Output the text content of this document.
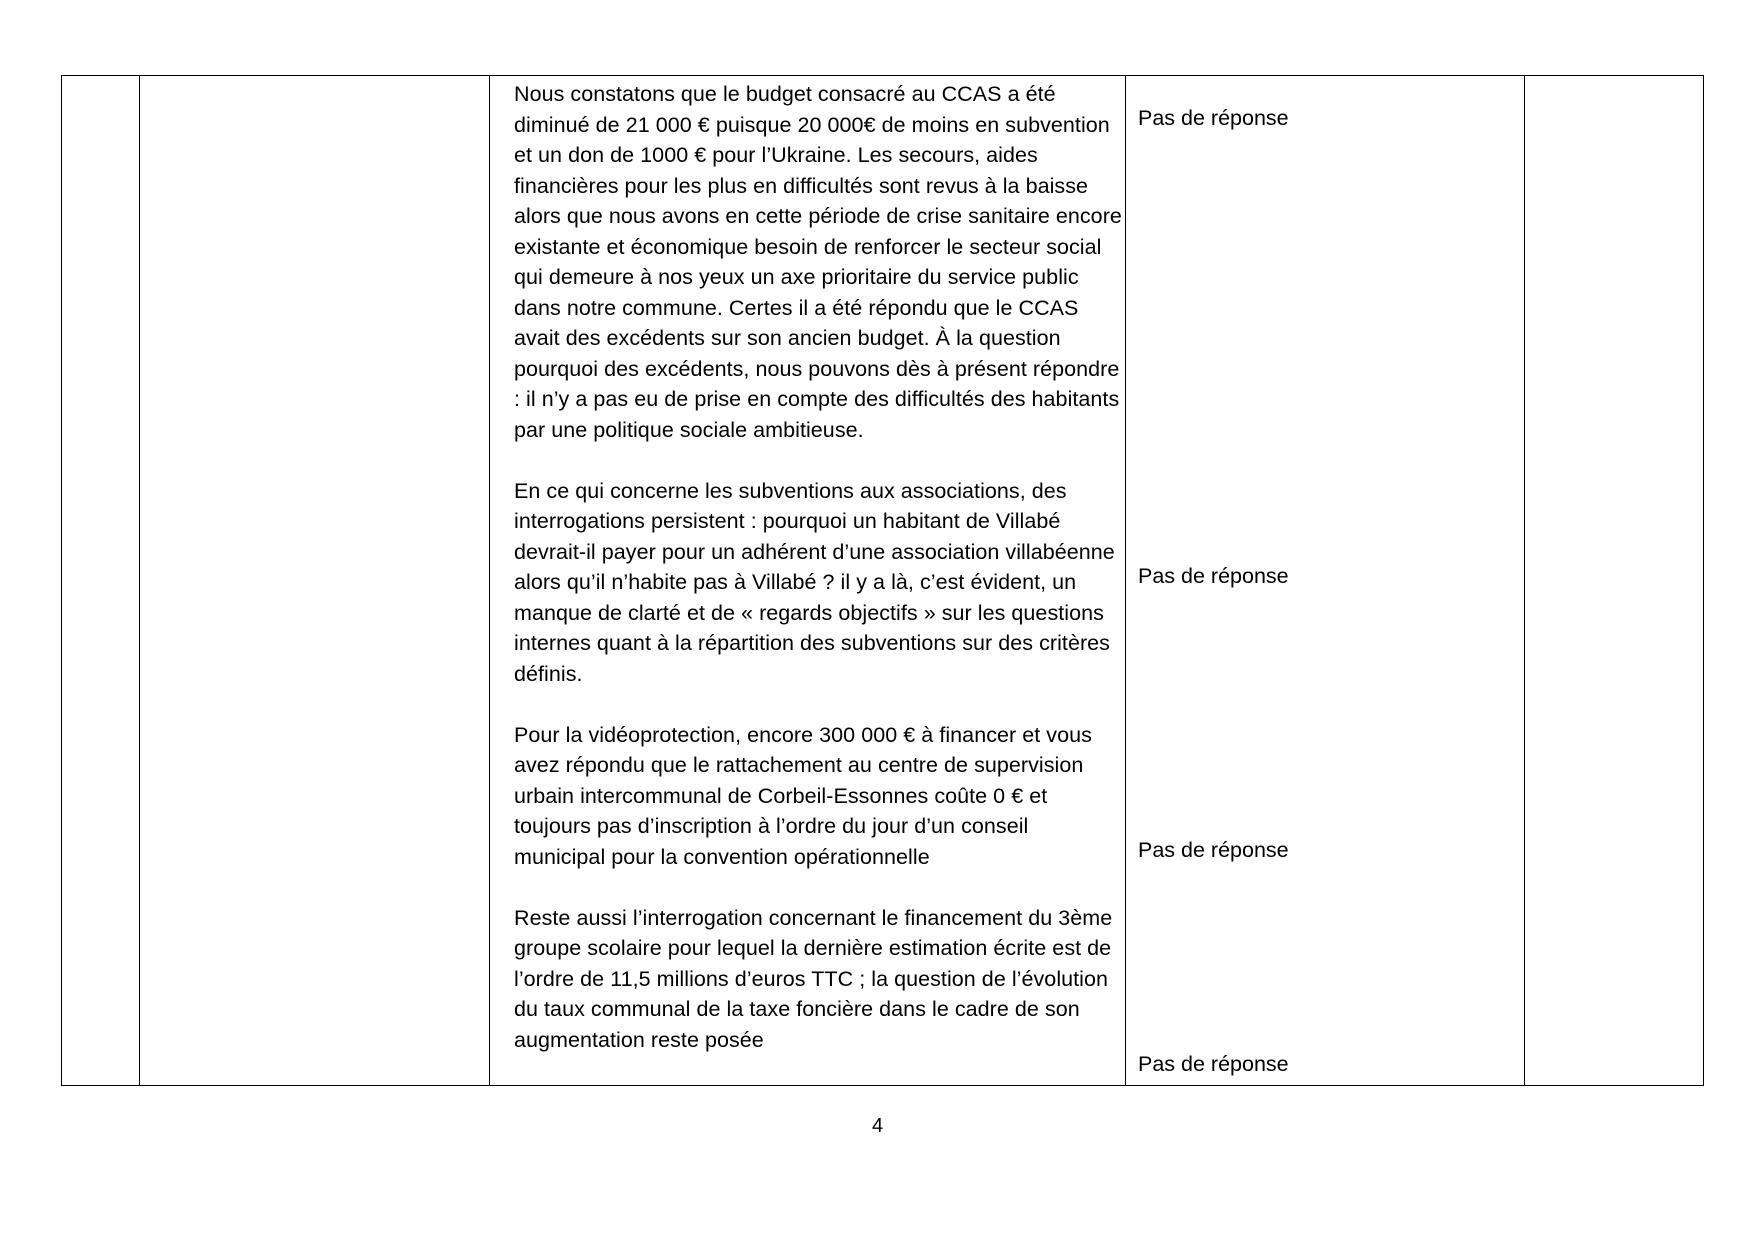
Nous constatons que le budget consacré au CCAS a été diminué de 21 000 € puisque 20 000€ de moins en subvention et un don de 1000 € pour l’Ukraine. Les secours, aides financières pour les plus en difficultés sont revus à la baisse alors que nous avons en cette période de crise sanitaire encore existante et économique besoin de renforcer le secteur social qui demeure à nos yeux un axe prioritaire du service public dans notre commune. Certes il a été répondu que le CCAS avait des excédents sur son ancien budget. À la question pourquoi des excédents, nous pouvons dès à présent répondre : il n’y a pas eu de prise en compte des difficultés des habitants par une politique sociale ambitieuse.

En ce qui concerne les subventions aux associations, des interrogations persistent : pourquoi un habitant de Villabé devrait-il payer pour un adhérent d’une association villabéenne alors qu’il n’habite pas à Villabé ? il y a là, c’est évident, un manque de clarté et de « regards objectifs » sur les questions internes quant à la répartition des subventions sur des critères définis.

Pour la vidéoprotection, encore 300 000 € à financer et vous avez répondu que le rattachement au centre de supervision urbain intercommunal de Corbeil-Essonnes coûte 0 € et toujours pas d’inscription à l’ordre du jour d’un conseil municipal pour la convention opérationnelle

Reste aussi l’interrogation concernant le financement du 3ème groupe scolaire pour lequel la dernière estimation écrite est de l’ordre de 11,5 millions d’euros TTC ; la question de l’évolution du taux communal de la taxe foncière dans le cadre de son augmentation reste posée

Pas de réponse
Pas de réponse
Pas de réponse
Pas de réponse
4
